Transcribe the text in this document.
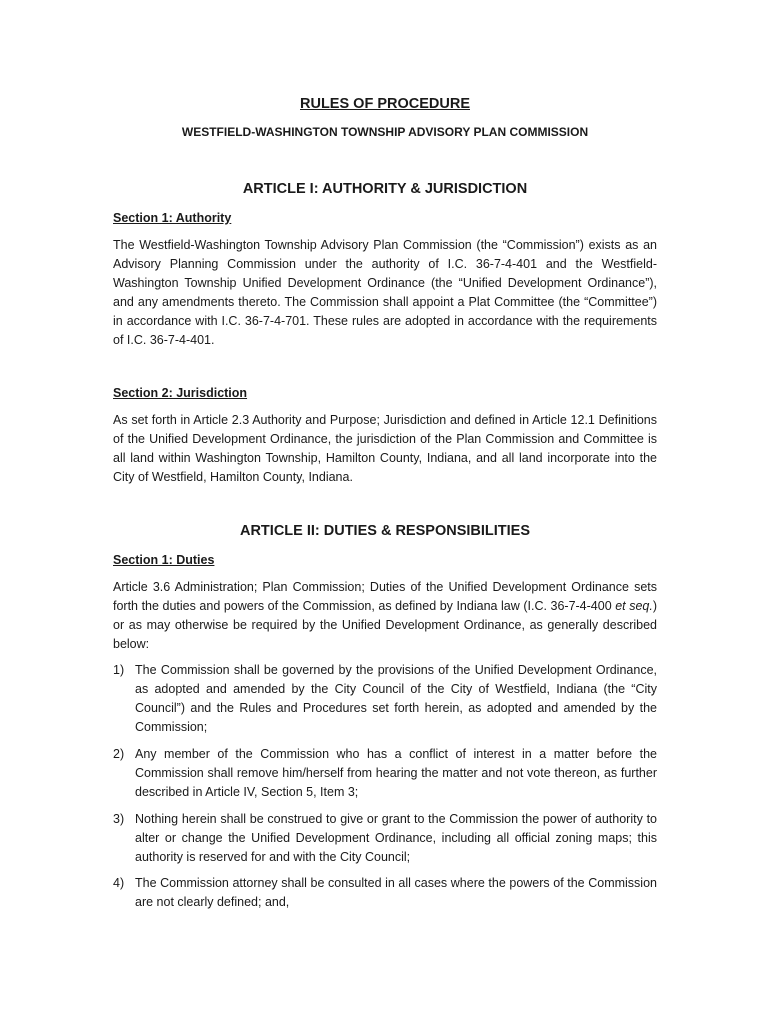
RULES OF PROCEDURE
WESTFIELD-WASHINGTON TOWNSHIP ADVISORY PLAN COMMISSION
ARTICLE I: AUTHORITY & JURISDICTION
Section 1: Authority
The Westfield-Washington Township Advisory Plan Commission (the “Commission”) exists as an Advisory Planning Commission under the authority of I.C. 36-7-4-401 and the Westfield-Washington Township Unified Development Ordinance (the “Unified Development Ordinance”), and any amendments thereto. The Commission shall appoint a Plat Committee (the “Committee”) in accordance with I.C. 36-7-4-701. These rules are adopted in accordance with the requirements of I.C. 36-7-4-401.
Section 2: Jurisdiction
As set forth in Article 2.3 Authority and Purpose; Jurisdiction and defined in Article 12.1 Definitions of the Unified Development Ordinance, the jurisdiction of the Plan Commission and Committee is all land within Washington Township, Hamilton County, Indiana, and all land incorporate into the City of Westfield, Hamilton County, Indiana.
ARTICLE II: DUTIES & RESPONSIBILITIES
Section 1: Duties
Article 3.6 Administration; Plan Commission; Duties of the Unified Development Ordinance sets forth the duties and powers of the Commission, as defined by Indiana law (I.C. 36-7-4-400 et seq.) or as may otherwise be required by the Unified Development Ordinance, as generally described below:
1) The Commission shall be governed by the provisions of the Unified Development Ordinance, as adopted and amended by the City Council of the City of Westfield, Indiana (the “City Council”) and the Rules and Procedures set forth herein, as adopted and amended by the Commission;
2) Any member of the Commission who has a conflict of interest in a matter before the Commission shall remove him/herself from hearing the matter and not vote thereon, as further described in Article IV, Section 5, Item 3;
3) Nothing herein shall be construed to give or grant to the Commission the power of authority to alter or change the Unified Development Ordinance, including all official zoning maps; this authority is reserved for and with the City Council;
4) The Commission attorney shall be consulted in all cases where the powers of the Commission are not clearly defined; and,
